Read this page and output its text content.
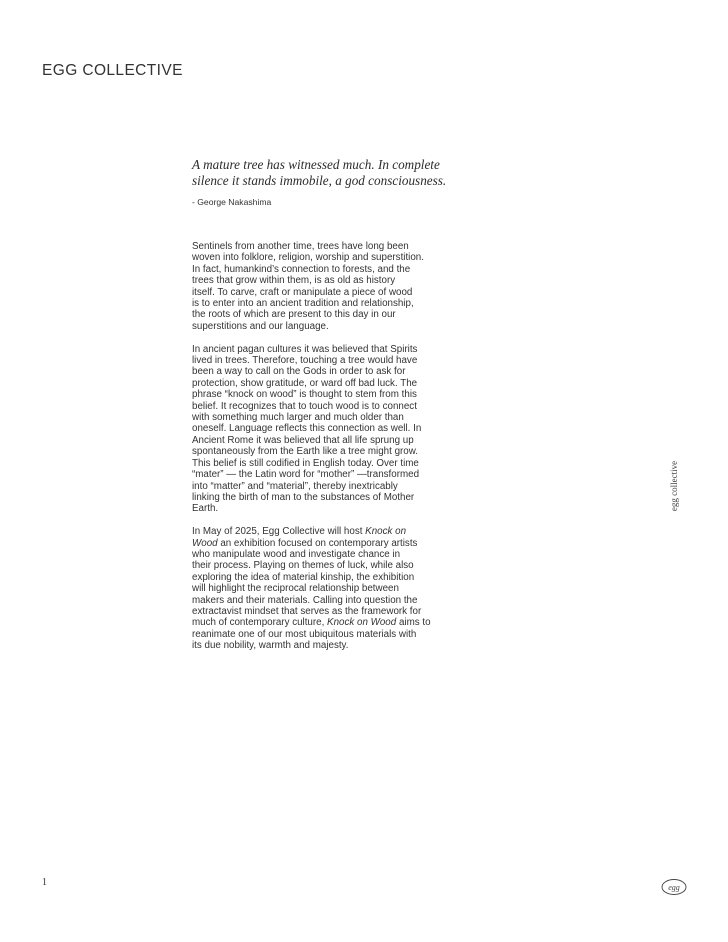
EGG COLLECTIVE
A mature tree has witnessed much. In complete
silence it stands immobile, a god consciousness.
- George Nakashima
Sentinels from another time, trees have long been
woven into folklore, religion, worship and superstition.
In fact, humankind’s connection to forests, and the
trees that grow within them, is as old as history
itself. To carve, craft or manipulate a piece of wood
is to enter into an ancient tradition and relationship,
the roots of which are present to this day in our
superstitions and our language.
In ancient pagan cultures it was believed that Spirits
lived in trees. Therefore, touching a tree would have
been a way to call on the Gods in order to ask for
protection, show gratitude, or ward off bad luck. The
phrase “knock on wood” is thought to stem from this
belief. It recognizes that to touch wood is to connect
with something much larger and much older than
oneself. Language reflects this connection as well. In
Ancient Rome it was believed that all life sprung up
spontaneously from the Earth like a tree might grow.
This belief is still codified in English today. Over time
“mater” — the Latin word for “mother” —transformed
into “matter” and “material”, thereby inextricably
linking the birth of man to the substances of Mother
Earth.
In May of 2025, Egg Collective will host Knock on
Wood an exhibition focused on contemporary artists
who manipulate wood and investigate chance in
their process. Playing on themes of luck, while also
exploring the idea of material kinship, the exhibition
will highlight the reciprocal relationship between
makers and their materials. Calling into question the
extractavist mindset that serves as the framework for
much of contemporary culture, Knock on Wood aims to
reanimate one of our most ubiquitous materials with
its due nobility, warmth and majesty.
egg collective
1	egg
